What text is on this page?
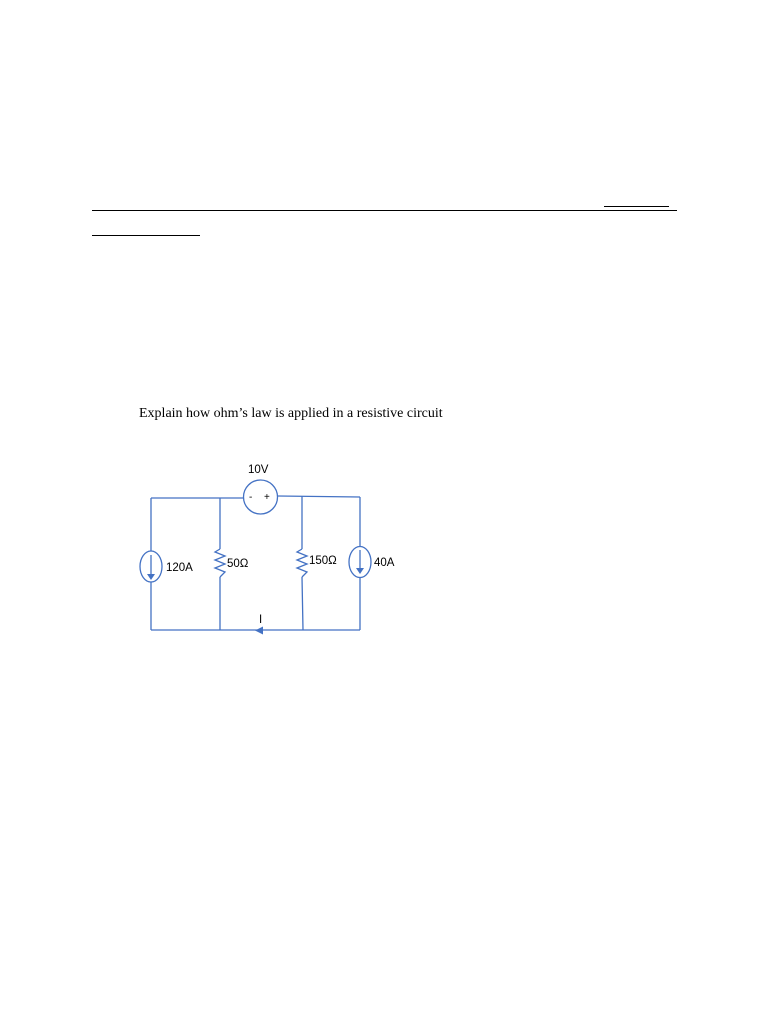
Explain how ohm’s law is applied in a resistive circuit
- +
10V
120A	50Ω	150Ω	40A
I
